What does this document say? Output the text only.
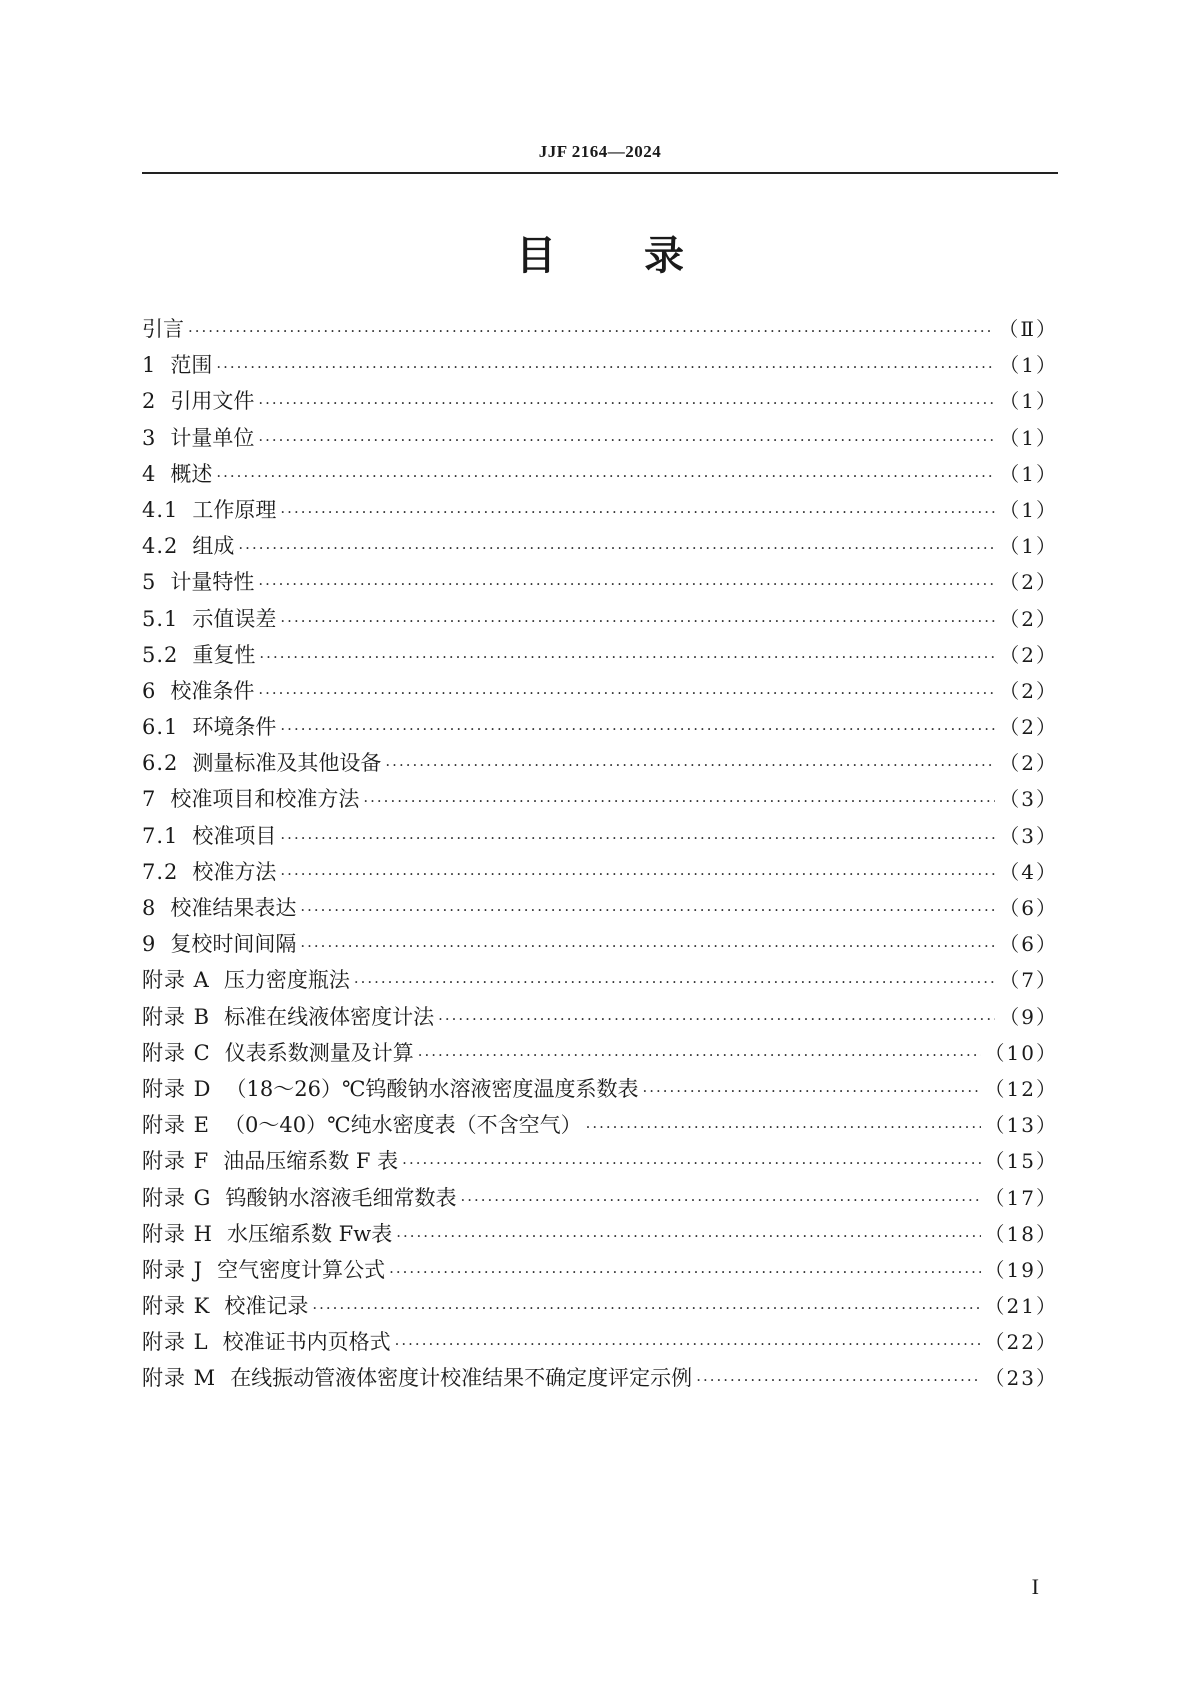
JJF 2164—2024
目 录
引言 ·····	（Ⅱ）
1 范围 ·····	（1）
2 引用文件 ·····	（1）
3 计量单位 ·····	（1）
4 概述 ·····	（1）
4.1 工作原理 ·····	（1）
4.2 组成 ·····	（1）
5 计量特性 ·····	（2）
5.1 示值误差 ·····	（2）
5.2 重复性 ·····	（2）
6 校准条件 ·····	（2）
6.1 环境条件 ·····	（2）
6.2 测量标准及其他设备 ·····	（2）
7 校准项目和校准方法 ·····	（3）
7.1 校准项目 ·····	（3）
7.2 校准方法 ·····	（4）
8 校准结果表达 ·····	（6）
9 复校时间间隔 ·····	（6）
附录 A 压力密度瓶法 ·····	（7）
附录 B 标准在线液体密度计法 ·····	（9）
附录 C 仪表系数测量及计算 ·····	（10）
附录 D （18～26）℃钨酸钠水溶液密度温度系数表 ·····	（12）
附录 E （0～40）℃纯水密度表（不含空气） ·····	（13）
附录 F 油品压缩系数 F 表 ·····	（15）
附录 G 钨酸钠水溶液毛细常数表 ·····	（17）
附录 H 水压缩系数 Fw表 ·····	（18）
附录 J 空气密度计算公式 ·····	（19）
附录 K 校准记录 ·····	（21）
附录 L 校准证书内页格式 ·····	（22）
附录 M 在线振动管液体密度计校准结果不确定度评定示例 ·····	（23）
I
